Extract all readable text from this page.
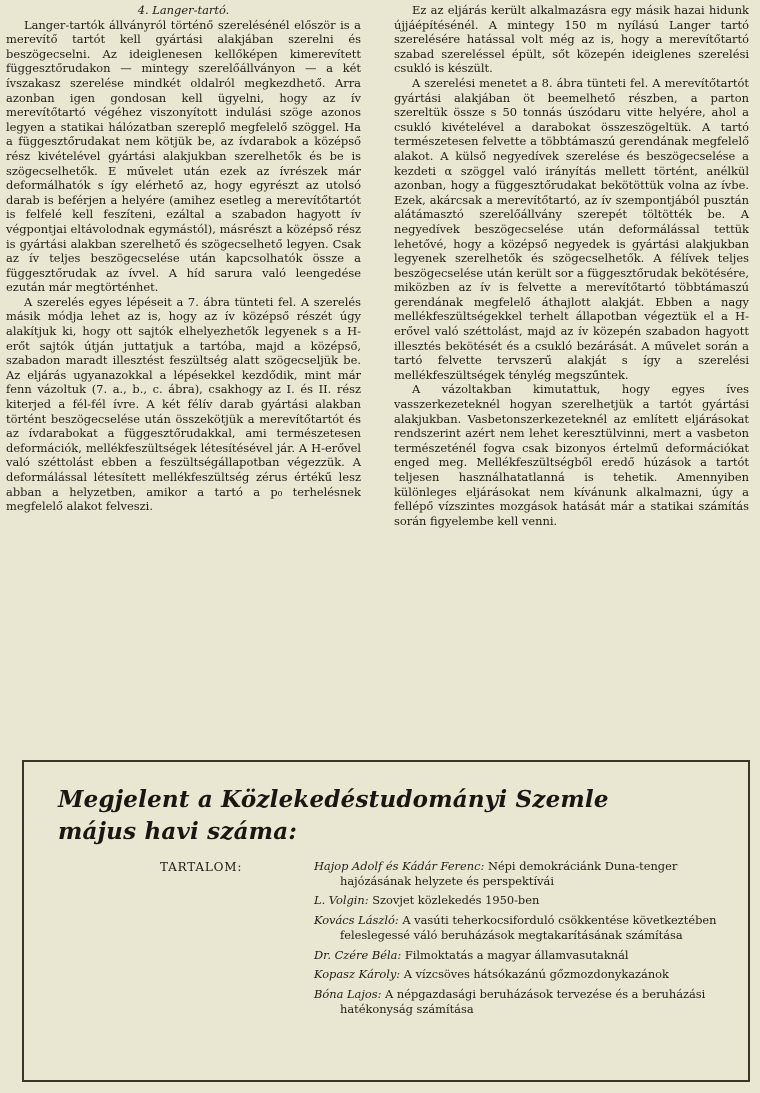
4. Langer-tartó.

Langer-tartók állványról történő szerelésénél először is a merevítő tartót kell gyártási alakjában szerelni és beszögecselni. Az ideiglenesen kellőképen kimerevített függesztőrudakon — mintegy szerelőállványon — a két ívszakasz szerelése mindkét oldalról megkezdhető. Arra azonban igen gondosan kell ügyelni, hogy az ív merevítőtartó végéhez viszonyított indulási szöge azonos legyen a statikai hálózatban szereplő megfelelő szöggel. Ha a függesztőrudakat nem kötjük be, az ívdarabok a középső rész kivételével gyártási alakjukban szerelhetők és be is szögecselhetők. E művelet után ezek az ívrészek már deformálhatók s így elérhető az, hogy egyrészt az utolsó darab is beférjen a helyére (amihez esetleg a merevítőtartót is felfelé kell feszíteni, ezáltal a szabadon hagyott ív végpontjai eltávolodnak egymástól), másrészt a középső rész is gyártási alakban szerelhető és szögecselhető legyen. Csak az ív teljes beszögecselése után kapcsolhatók össze a függesztőrudak az ívvel. A híd sarura való leengedése ezután már megtörténhet.

A szerelés egyes lépéseit a 7. ábra tünteti fel. A szerelés másik módja lehet az is, hogy az ív középső részét úgy alakítjuk ki, hogy ott sajtók elhelyezhetők legyenek s a H-erőt sajtók útján juttatjuk a tartóba, majd a középső, szabadon maradt illesztést feszültség alatt szögecseljük be. Az eljárás ugyanazokkal a lépésekkel kezdődik, mint már fenn vázoltuk (7. a., b., c. ábra), csakhogy az I. és II. rész kiterjed a fél-fél ívre. A két félív darab gyártási alakban történt beszögecselése után összekötjük a merevítőtartót és az ívdarabokat a függesztőrudakkal, ami természetesen deformációk, mellékfeszültségek létesítésével jár. A H-erővel való széttolást ebben a feszültségállapotban végezzük. A deformálással létesített mellékfeszültség zérus értékű lesz abban a helyzetben, amikor a tartó a p₀ terhelésnek megfelelő alakot felveszi.

Ez az eljárás került alkalmazásra egy másik hazai hidunk újjáépítésénél. A mintegy 150 m nyílású Langer tartó szerelésére hatással volt még az is, hogy a merevítőtartó szabad szereléssel épült, sőt közepén ideiglenes szerelési csukló is készült.

A szerelési menetet a 8. ábra tünteti fel. A merevítőtartót gyártási alakjában öt beemelhető részben, a parton szereltük össze s 50 tonnás úszódaru vitte helyére, ahol a csukló kivételével a darabokat összeszögeltük. A tartó természetesen felvette a többtámaszú gerendának megfelelő alakot. A külső negyedívek szerelése és beszögecselése a kezdeti α szöggel való irányítás mellett történt, anélkül azonban, hogy a függesztőrudakat bekötöttük volna az ívbe. Ezek, akárcsak a merevítőtartó, az ív szempontjából pusztán alátámasztó szerelőállvány szerepét töltötték be. A negyedívek beszögecselése után deformálással tettük lehetővé, hogy a középső negyedek is gyártási alakjukban legyenek szerelhetők és szögecselhetők. A félívek teljes beszögecselése után került sor a függesztőrudak bekötésére, miközben az ív is felvette a merevítőtartó többtámaszú gerendának megfelelő áthajlott alakját. Ebben a nagy mellékfeszültségekkel terhelt állapotban végeztük el a H-erővel való széttolást, majd az ív közepén szabadon hagyott illesztés bekötését és a csukló bezárását. A művelet során a tartó felvette tervszerű alakját s így a szerelési mellékfeszültségek ténylég megszűntek.

A vázoltakban kimutattuk, hogy egyes íves vasszerkezeteknél hogyan szerelhetjük a tartót gyártási alakjukban. Vasbetonszerkezeteknél az említett eljárásokat rendszerint azért nem lehet keresztülvinni, mert a vasbeton természeténél fogva csak bizonyos értelmű deformációkat enged meg. Mellékfeszültségből eredő húzások a tartót teljesen használhatatlanná is tehetik. Amennyiben különleges eljárásokat nem kívánunk alkalmazni, úgy a fellépő vízszintes mozgások hatását már a statikai számítás során figyelembe kell venni.

Megjelent a Közlekedéstudományi Szemle
május havi száma:
TARTALOM:	Hajop Adolf és Kádár Ferenc: Népi demokráciánk Duna-tenger hajózásának helyzete és perspektívái
L. Volgin: Szovjet közlekedés 1950-ben
Kovács László: A vasúti teherkocsiforduló csökkentése következtében feleslegessé váló beruházások megtakarításának számítása
Dr. Czére Béla: Filmoktatás a magyar államvasutaknál
Kopasz Károly: A vízcsöves hátsókazánú gőzmozdonykazánok
Bóna Lajos: A népgazdasági beruházások tervezése és a beruházási hatékonyság számítása
